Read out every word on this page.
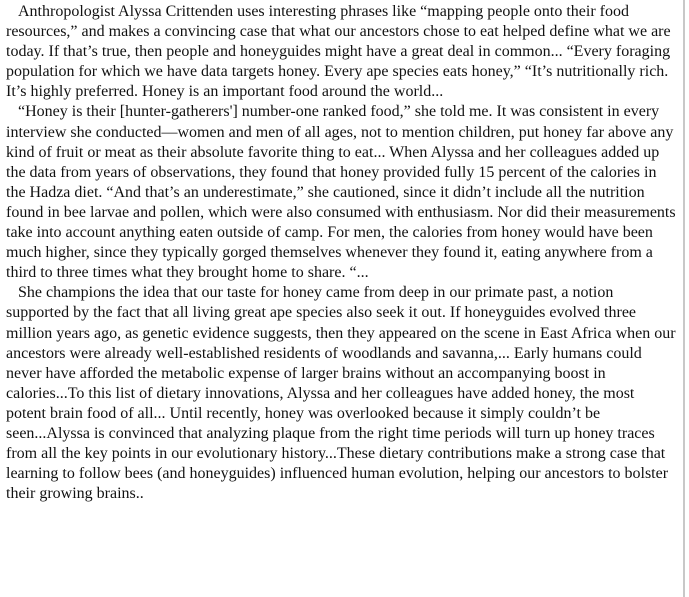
Anthropologist Alyssa Crittenden uses interesting phrases like “mapping people onto their food resources,” and makes a convincing case that what our ancestors chose to eat helped define what we are today. If that’s true, then people and honeyguides might have a great deal in common... “Every foraging population for which we have data targets honey. Every ape species eats honey,” “It’s nutritionally rich. It’s highly preferred. Honey is an important food around the world...

“Honey is their [hunter-gatherers'] number-one ranked food,” she told me. It was consistent in every interview she conducted—women and men of all ages, not to mention children, put honey far above any kind of fruit or meat as their absolute favorite thing to eat... When Alyssa and her colleagues added up the data from years of observations, they found that honey provided fully 15 percent of the calories in the Hadza diet. “And that’s an underestimate,” she cautioned, since it didn’t include all the nutrition found in bee larvae and pollen, which were also consumed with enthusiasm. Nor did their measurements take into account anything eaten outside of camp. For men, the calories from honey would have been much higher, since they typically gorged themselves whenever they found it, eating anywhere from a third to three times what they brought home to share. “...

She champions the idea that our taste for honey came from deep in our primate past, a notion supported by the fact that all living great ape species also seek it out. If honeyguides evolved three million years ago, as genetic evidence suggests, then they appeared on the scene in East Africa when our ancestors were already well-established residents of woodlands and savanna,... Early humans could never have afforded the metabolic expense of larger brains without an accompanying boost in calories...To this list of dietary innovations, Alyssa and her colleagues have added honey, the most potent brain food of all... Until recently, honey was overlooked because it simply couldn’t be seen...Alyssa is convinced that analyzing plaque from the right time periods will turn up honey traces from all the key points in our evolutionary history...These dietary contributions make a strong case that learning to follow bees (and honeyguides) influenced human evolution, helping our ancestors to bolster their growing brains..
